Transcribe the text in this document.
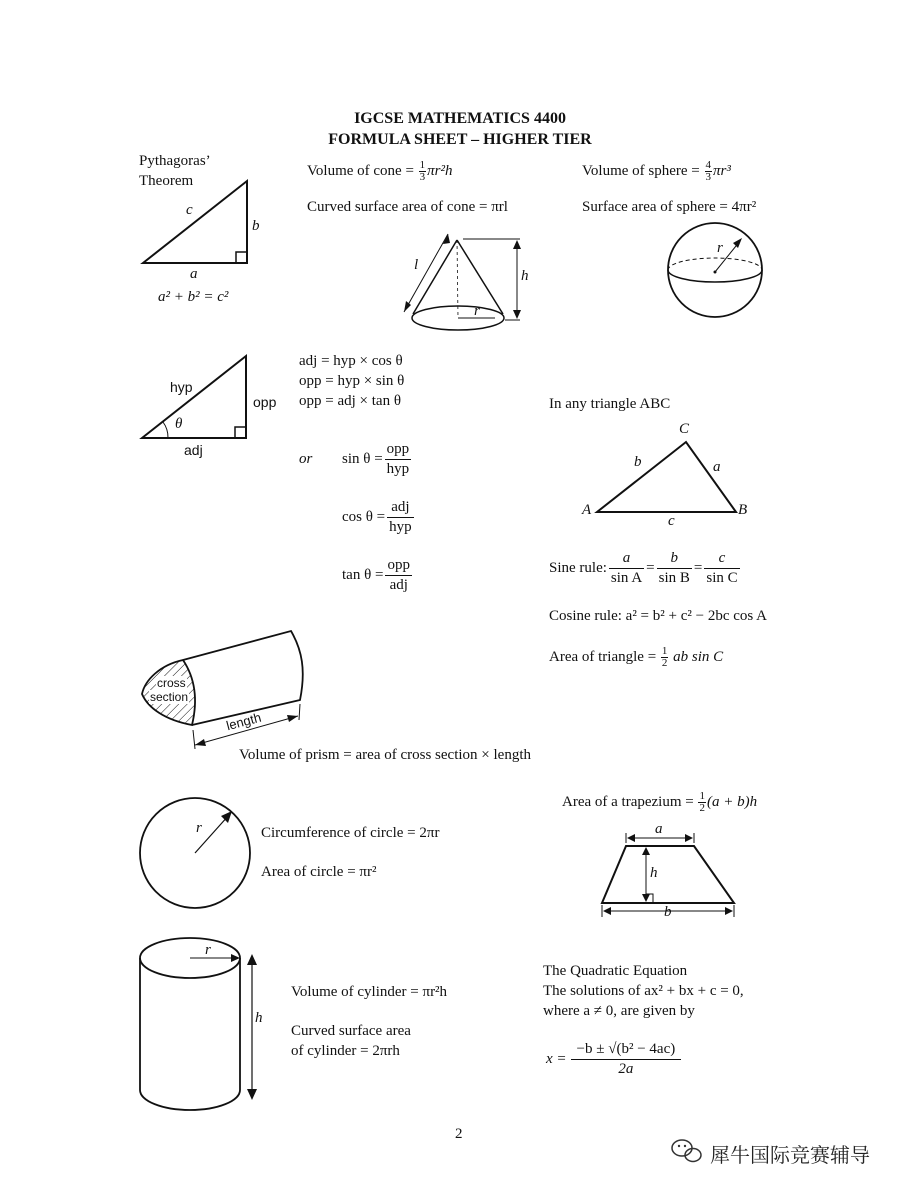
IGCSE MATHEMATICS 4400
FORMULA SHEET – HIGHER TIER
Pythagoras’
Theorem
c
b
a
a² + b² = c²
Volume of cone = $\frac{1}{3} \pi r^2h$
Curved surface area of cone = πrl
l
h
r
Volume of sphere = $\frac{4}{3} \pi r^3$
Surface area of sphere = 4πr²
r
hyp
opp
adj
θ
adj = hyp × cos θ
opp = hyp × sin θ
opp = adj × tan θ
or sin θ =
opp
hyp
cos θ =
adj
hyp
tan θ =
opp
adj
In any triangle ABC
C
b	a
A	B
c
Sine rule: $\frac{a}{\text{sin A}} = \frac{b}{\text{sin B}} = \frac{c}{\text{sin C}}$
Cosine rule: a² = b² + c² − 2bc cos A
Area of triangle = $\frac{1}{2}$ ab sin C
cross
section
length
Volume of prism = area of cross section × length
r	Circumference of circle = 2πr
Area of circle = πr²
Area of a trapezium = $\frac{1}{2} (a + b)h$
a
h
b
r
h
Volume of cylinder = πr²h
Curved surface area
of cylinder = 2πrh
The Quadratic Equation
The solutions of ax² + bx + c = 0,
where a ≠ 0, are given by
$x = \frac{\text{−b ± √(b² − 4ac)}}{2a}$
2
犀牛国际竞赛辅导
